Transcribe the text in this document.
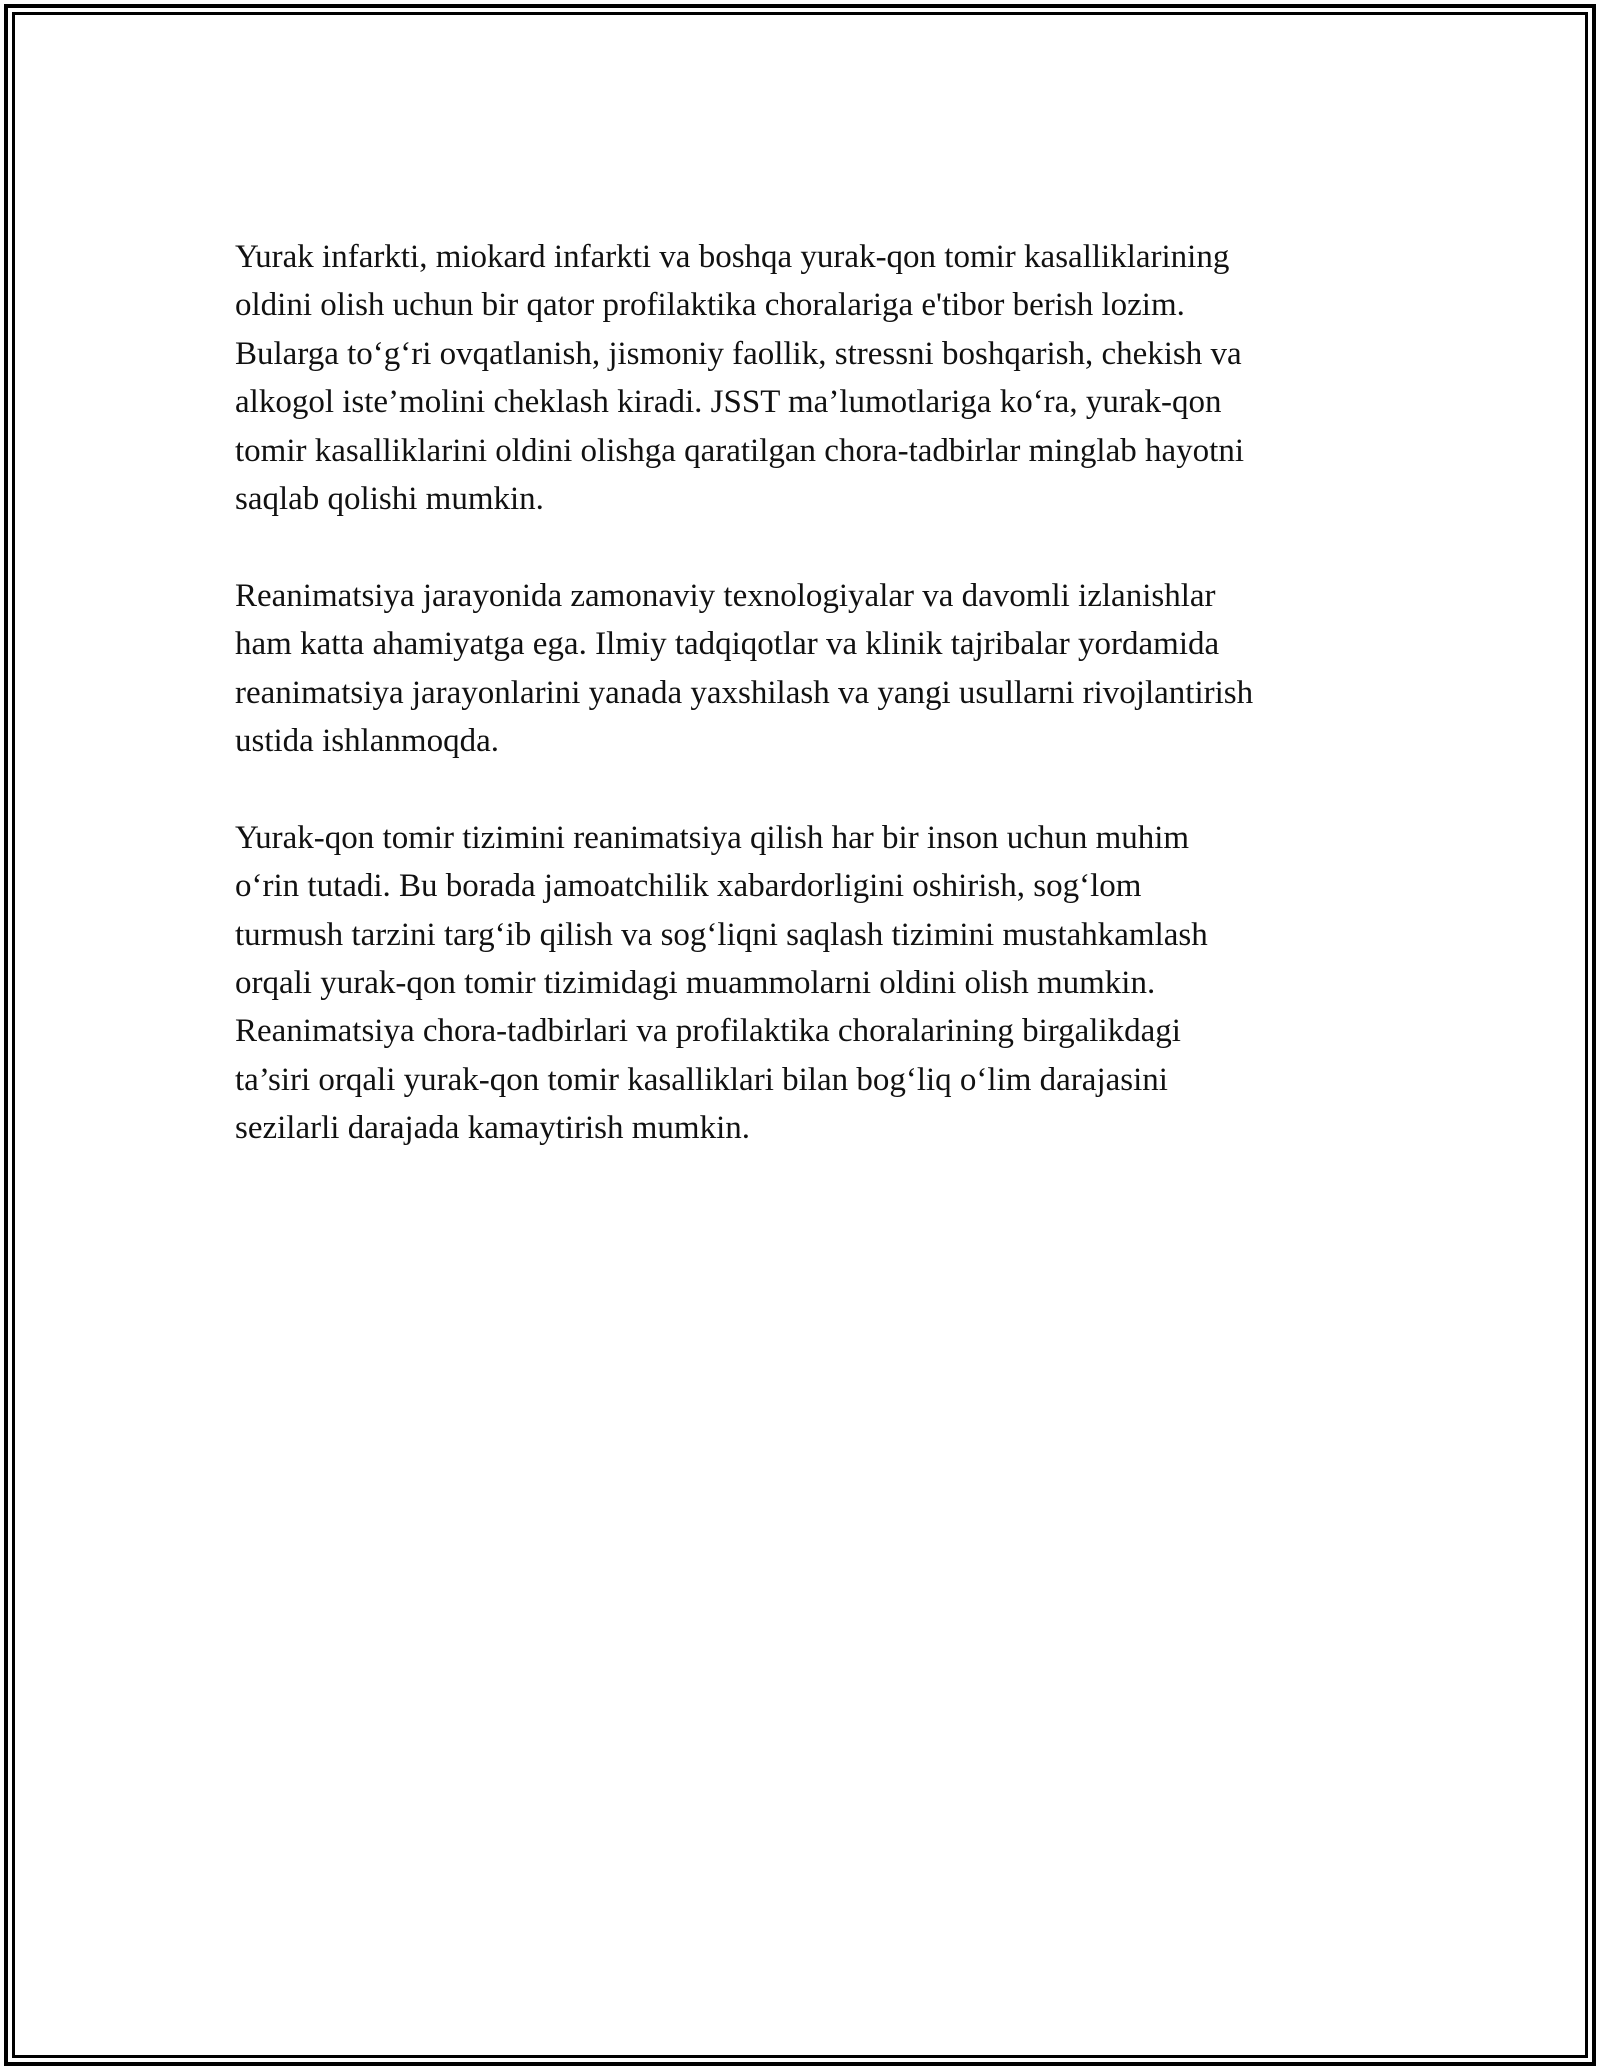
Yurak infarkti, miokard infarkti va boshqa yurak-qon tomir kasalliklarining
oldini olish uchun bir qator profilaktika choralariga e'tibor berish lozim.
Bularga to‘g‘ri ovqatlanish, jismoniy faollik, stressni boshqarish, chekish va
alkogol iste’molini cheklash kiradi. JSST ma’lumotlariga ko‘ra, yurak-qon
tomir kasalliklarini oldini olishga qaratilgan chora-tadbirlar minglab hayotni
saqlab qolishi mumkin.

Reanimatsiya jarayonida zamonaviy texnologiyalar va davomli izlanishlar
ham katta ahamiyatga ega. Ilmiy tadqiqotlar va klinik tajribalar yordamida
reanimatsiya jarayonlarini yanada yaxshilash va yangi usullarni rivojlantirish
ustida ishlanmoqda.

Yurak-qon tomir tizimini reanimatsiya qilish har bir inson uchun muhim
o‘rin tutadi. Bu borada jamoatchilik xabardorligini oshirish, sog‘lom
turmush tarzini targ‘ib qilish va sog‘liqni saqlash tizimini mustahkamlash
orqali yurak-qon tomir tizimidagi muammolarni oldini olish mumkin.
Reanimatsiya chora-tadbirlari va profilaktika choralarining birgalikdagi
ta’siri orqali yurak-qon tomir kasalliklari bilan bog‘liq o‘lim darajasini
sezilarli darajada kamaytirish mumkin.
